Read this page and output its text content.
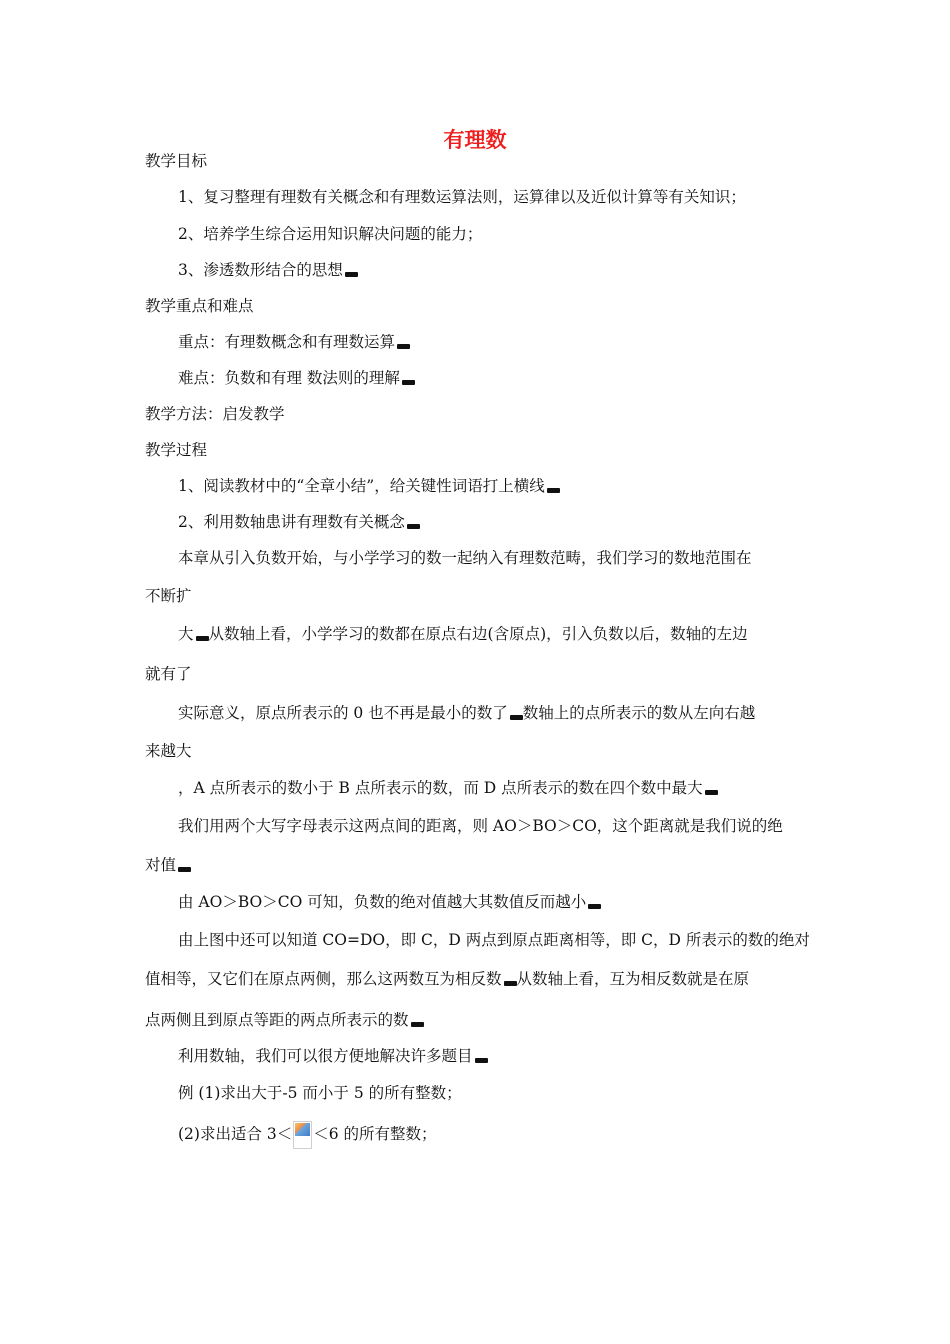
有理数
教学目标
1、复习整理有理数有关概念和有理数运算法则，运算律以及近似计算等有关知识；
2、培养学生综合运用知识解决问题的能力；
3、渗透数形结合的思想
教学重点和难点
重点：有理数概念和有理数运算
难点：负数和有理 数法则的理解
教学方法：启发教学
教学过程
1、阅读教材中的“全章小结”，给关键性词语打上横线
2、利用数轴患讲有理数有关概念
本章从引入负数开始，与小学学习的数一起纳入有理数范畴，我们学习的数地范围在
不断扩
大 从数轴上看，小学学习的数都在原点右边(含原点)，引入负数以后，数轴的左边
就有了
实际意义，原点所表示的 0 也不再是最小的数了 数轴上的点所表示的数从左向右越
来越大
，A 点所表示的数小于 B 点所表示的数，而 D 点所表示的数在四个数中最大
我们用两个大写字母表示这两点间的距离，则 AO＞BO＞CO，这个距离就是我们说的绝
对值
由 AO＞BO＞CO 可知，负数的绝对值越大其数值反而越小
由上图中还可以知道 CO=DO，即 C，D 两点到原点距离相等，即 C，D 所表示的数的绝对
值相等，又它们在原点两侧，那么这两数互为相反数 从数轴上看，互为相反数就是在原
点两侧且到原点等距的两点所表示的数
利用数轴，我们可以很方便地解决许多题目
例 (1)求出大于-5 而小于 5 的所有整数；
(2)求出适合 3＜ ＜6 的所有整数；
